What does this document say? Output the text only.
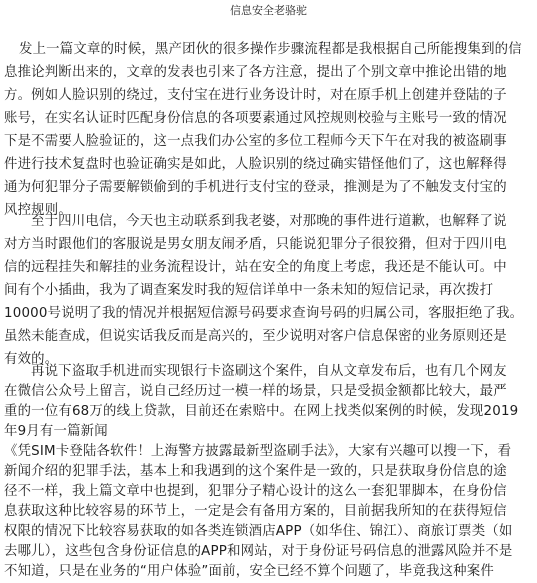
信息安全老骆驼
发上一篇文章的时候，黑产团伙的很多操作步骤流程都是我根据自己所能搜集到的信
息推论判断出来的，文章的发表也引来了各方注意，提出了个别文章中推论出错的地
方。例如人脸识别的绕过，支付宝在进行业务设计时，对在原手机上创建并登陆的子
账号，在实名认证时匹配身份信息的各项要素通过风控规则校验与主账号一致的情况
下是不需要人脸验证的，这一点我们办公室的多位工程师今天下午在对我的被盗刷事
件进行技术复盘时也验证确实是如此，人脸识别的绕过确实错怪他们了，这也解释得
通为何犯罪分子需要解锁偷到的手机进行支付宝的登录，推测是为了不触发支付宝的
风控规则。
至于四川电信，今天也主动联系到我老婆，对那晚的事件进行道歉，也解释了说
对方当时跟他们的客服说是男女朋友闹矛盾，只能说犯罪分子很狡猾，但对于四川电
信的远程挂失和解挂的业务流程设计，站在安全的角度上考虑，我还是不能认可。中
间有个小插曲，我为了调查案发时我的短信详单中一条未知的短信记录，再次拨打
10000号说明了我的情况并根据短信源号码要求查询号码的归属公司，客服拒绝了我。
虽然未能查成，但说实话我反而是高兴的，至少说明对客户信息保密的业务原则还是
有效的。
再说下盗取手机进而实现银行卡盗刷这个案件，自从文章发布后，也有几个网友
在微信公众号上留言，说自己经历过一模一样的场景，只是受损金额都比较大，最严
重的一位有68万的线上贷款，目前还在索赔中。在网上找类似案例的时候，发现2019
年9月有一篇新闻
《凭SIM卡登陆各软件！上海警方披露最新型盗刷手法》，大家有兴趣可以搜一下，看
新闻介绍的犯罪手法，基本上和我遇到的这个案件是一致的，只是获取身份信息的途
径不一样，我上篇文章中也提到，犯罪分子精心设计的这么一套犯罪脚本，在身份信
息获取这种比较容易的环节上，一定是会有备用方案的，目前据我所知的在获得短信
权限的情况下比较容易获取的如各类连锁酒店APP（如华住、锦江）、商旅订票类（如
去哪儿），这些包含身份证信息的APP和网站，对于身份证号码信息的泄露风险并不是
不知道，只是在业务的“用户体验”面前，安全已经不算个问题了，毕竟我这种案件
